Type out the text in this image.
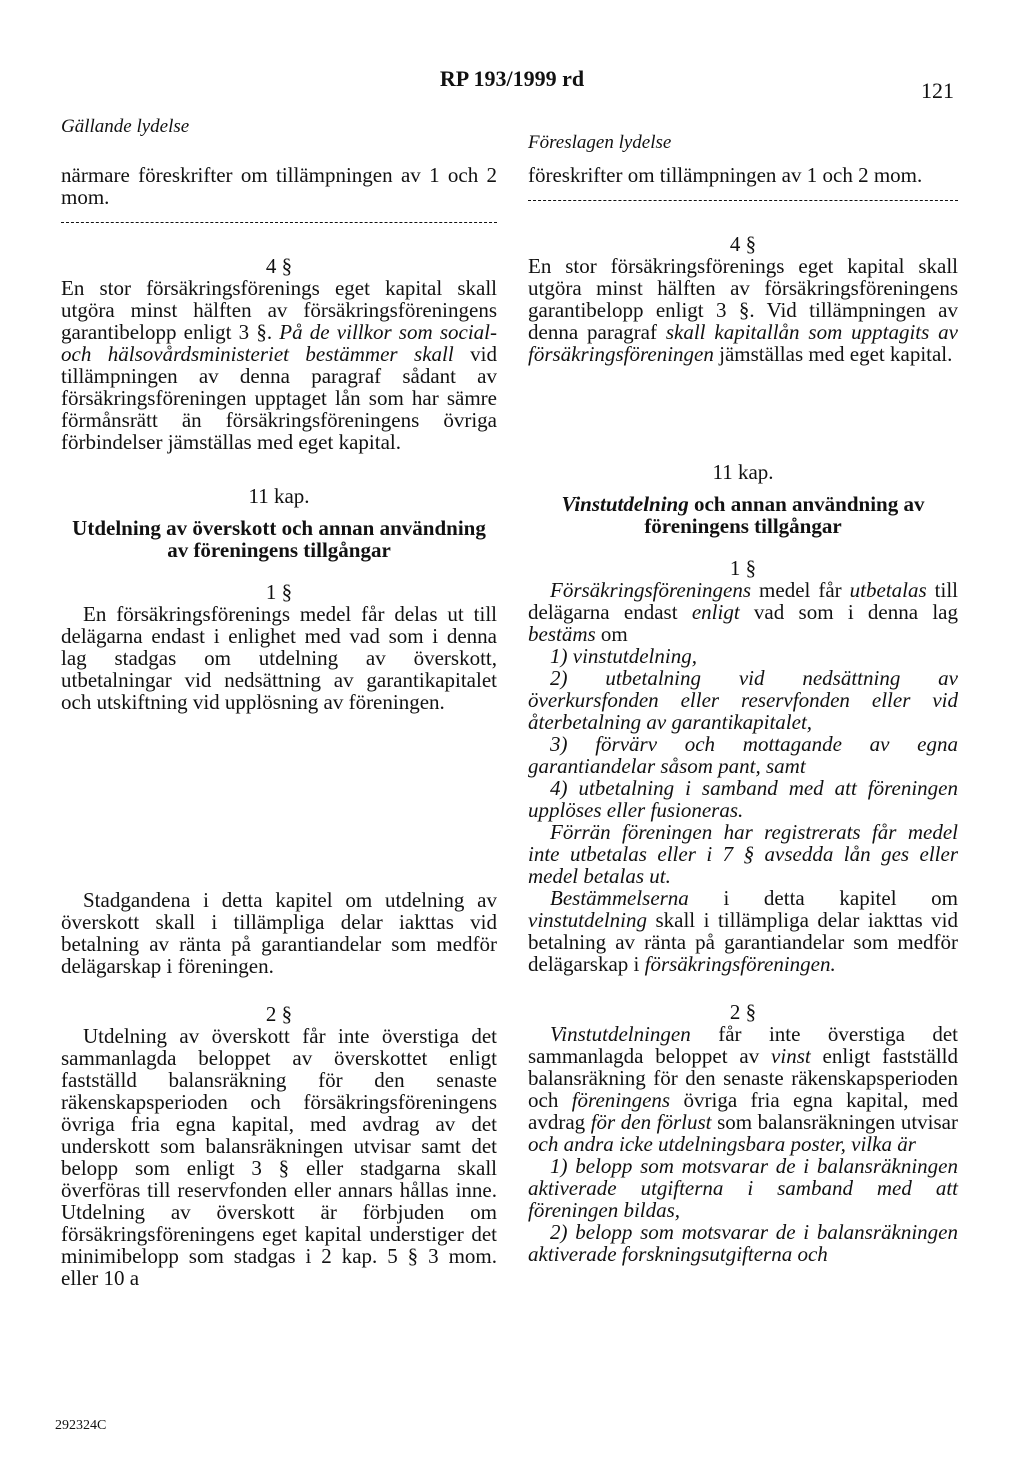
RP 193/1999 rd	121

Gällande lydelse

närmare föreskrifter om tillämpningen av 1 och 2 mom.

4 §

En stor försäkringsförenings eget kapital skall utgöra minst hälften av försäkringsföreningens garantibelopp enligt 3 §. På de villkor som social- och hälsovårdsministeriet bestämmer skall vid tillämpningen av denna paragraf sådant av försäkringsföreningen upptaget lån som har sämre förmånsrätt än försäkringsföreningens övriga förbindelser jämställas med eget kapital.

11 kap.

Utdelning av överskott och annan användning av föreningens tillgångar

1 §

En försäkringsförenings medel får delas ut till delägarna endast i enlighet med vad som i denna lag stadgas om utdelning av överskott, utbetalningar vid nedsättning av garantikapitalet och utskiftning vid upplösning av föreningen.

Stadgandena i detta kapitel om utdelning av överskott skall i tillämpliga delar iakttas vid betalning av ränta på garantiandelar som medför delägarskap i föreningen.

2 §

Utdelning av överskott får inte överstiga det sammanlagda beloppet av överskottet enligt fastställd balansräkning för den senaste räkenskapsperioden och försäkringsföreningens övriga fria egna kapital, med avdrag av det underskott som balansräkningen utvisar samt det belopp som enligt 3 § eller stadgarna skall överföras till reservfonden eller annars hållas inne. Utdelning av överskott är förbjuden om försäkringsföreningens eget kapital understiger det minimibelopp som stadgas i 2 kap. 5 § 3 mom. eller 10 a

Föreslagen lydelse

föreskrifter om tillämpningen av 1 och 2 mom.

4 §

En stor försäkringsförenings eget kapital skall utgöra minst hälften av försäkringsföreningens garantibelopp enligt 3 §. Vid tillämpningen av denna paragraf skall kapitallån som upptagits av försäkringsföreningen jämställas med eget kapital.

11 kap.

Vinstutdelning och annan användning av föreningens tillgångar

1 §

Försäkringsföreningens medel får utbetalas till delägarna endast enligt vad som i denna lag bestäms om

1) vinstutdelning,

2) utbetalning vid nedsättning av överkursfonden eller reservfonden eller vid återbetalning av garantikapitalet,

3) förvärv och mottagande av egna garantiandelar såsom pant, samt

4) utbetalning i samband med att föreningen upplöses eller fusioneras.

Förrän föreningen har registrerats får medel inte utbetalas eller i 7 § avsedda lån ges eller medel betalas ut.

Bestämmelserna i detta kapitel om vinstutdelning skall i tillämpliga delar iakttas vid betalning av ränta på garantiandelar som medför delägarskap i försäkringsföreningen.

2 §

Vinstutdelningen får inte överstiga det sammanlagda beloppet av vinst enligt fastställd balansräkning för den senaste räkenskapsperioden och föreningens övriga fria egna kapital, med avdrag för den förlust som balansräkningen utvisar och andra icke utdelningsbara poster, vilka är

1) belopp som motsvarar de i balansräkningen aktiverade utgifterna i samband med att föreningen bildas,

2) belopp som motsvarar de i balansräkningen aktiverade forskningsutgifterna och

292324C
